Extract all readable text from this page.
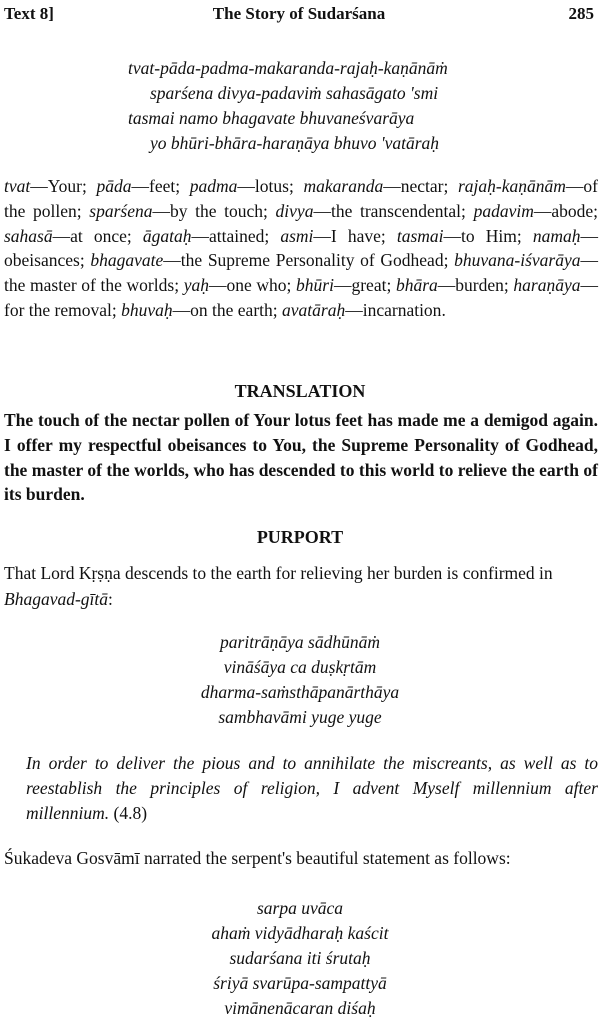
Text 8]	The Story of Sudarśana	285
tvat-pāda-padma-makaranda-rajaḥ-kaṇānāṁ
sparśena divya-padaviṁ sahasāgato 'smi
tasmai namo bhagavate bhuvaneśvarāya
yo bhūri-bhāra-haraṇāya bhuvo 'vatāraḥ
tvat—Your; pāda—feet; padma—lotus; makaranda—nectar; rajaḥ-kaṇānām—of the pollen; sparśena—by the touch; divya—the transcendental; padavim—abode; sahasā—at once; āgataḥ—attained; asmi—I have; tasmai—to Him; namaḥ—obeisances; bhagavate—the Supreme Personality of Godhead; bhuvana-iśvarāya—the master of the worlds; yaḥ—one who; bhūri—great; bhāra—burden; haraṇāya—for the removal; bhuvaḥ—on the earth; avatāraḥ—incarnation.
TRANSLATION
The touch of the nectar pollen of Your lotus feet has made me a demigod again. I offer my respectful obeisances to You, the Supreme Personality of Godhead, the master of the worlds, who has descended to this world to relieve the earth of its burden.
PURPORT
That Lord Kṛṣṇa descends to the earth for relieving her burden is confirmed in Bhagavad-gītā:
paritrāṇāya sādhūnāṁ
vināśāya ca duṣkṛtām
dharma-saṁsthāpanārthāya
sambhavāmi yuge yuge
In order to deliver the pious and to annihilate the miscreants, as well as to reestablish the principles of religion, I advent Myself millennium after millennium. (4.8)
Śukadeva Gosvāmī narrated the serpent's beautiful statement as follows:
sarpa uvāca
ahaṁ vidyādharaḥ kaścit
sudarśana iti śrutaḥ
śriyā svarūpa-sampattyā
vimānenācaran diśaḥ
